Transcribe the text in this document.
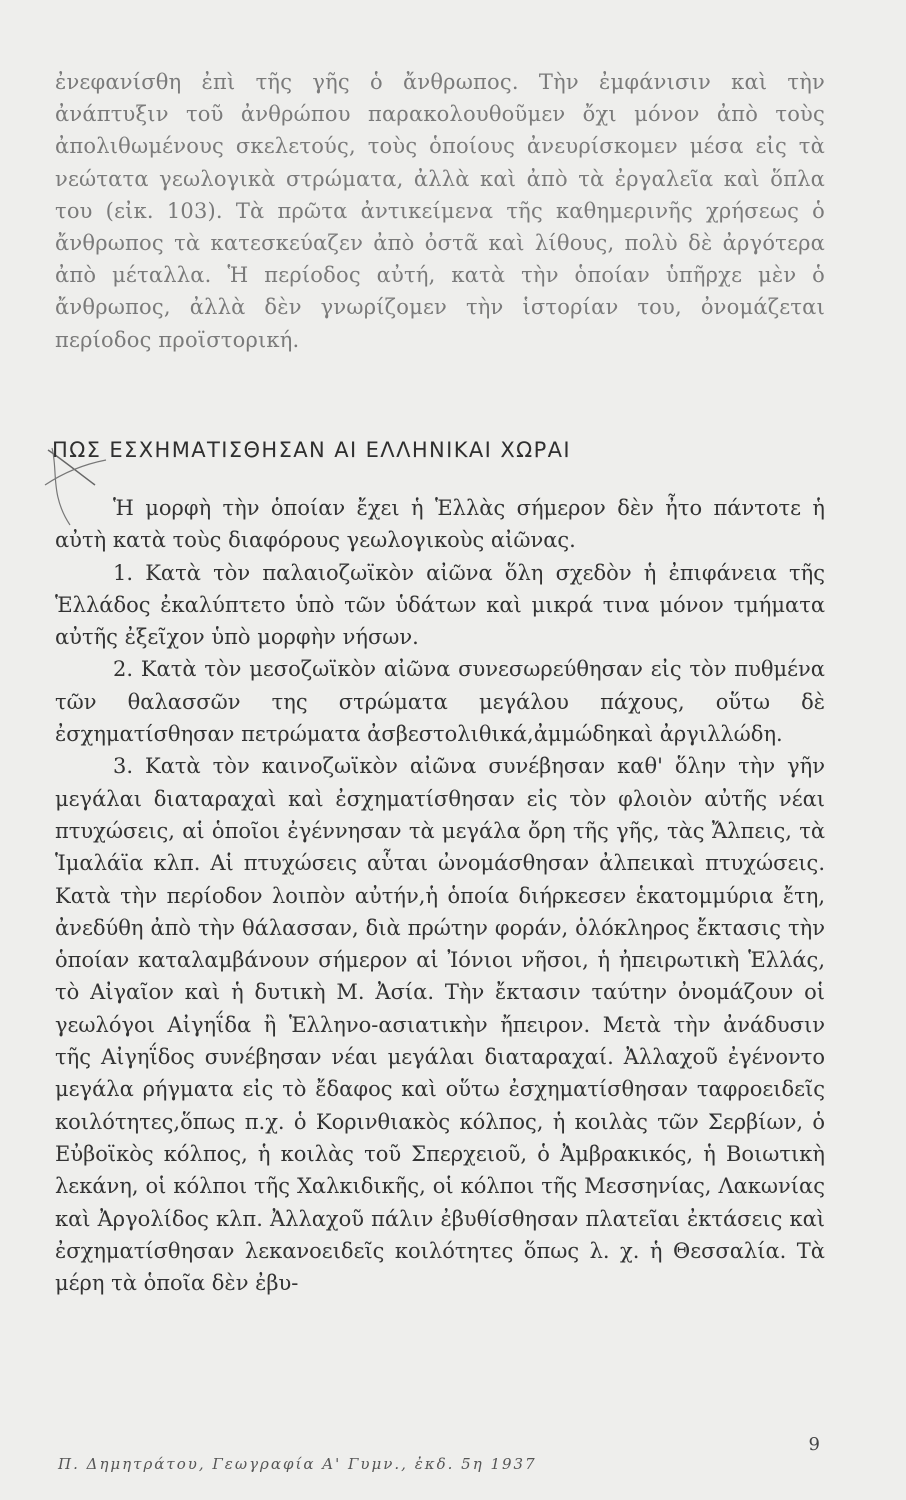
ἐνεφανίσθη ἐπὶ τῆς γῆς ὁ ἄνθρωπος. Τὴν ἐμφάνισιν καὶ τὴν ἀνάπτυξιν τοῦ ἀνθρώπου παρακολουθοῦμεν ὄχι μόνον ἀπὸ τοὺς ἀπολιθωμένους σκελετούς, τοὺς ὁποίους ἀνευρίσκομεν μέσα εἰς τὰ νεώτατα γεωλογικὰ στρώματα, ἀλλὰ καὶ ἀπὸ τὰ ἐργαλεῖα καὶ ὅπλα του (εἰκ. 103). Τὰ πρῶτα ἀντικείμενα τῆς καθημερινῆς χρήσεως ὁ ἄνθρωπος τὰ κατεσκεύαζεν ἀπὸ ὀστᾶ καὶ λίθους, πολὺ δὲ ἀργότερα ἀπὸ μέταλλα. Ἡ περίοδος αὐτή, κατὰ τὴν ὁποίαν ὑπῆρχε μὲν ὁ ἄνθρωπος, ἀλλὰ δὲν γνωρίζομεν τὴν ἱστορίαν του, ὀνομάζεται περίοδος προϊστορική.
ΠΩΣ ΕΣΧΗΜΑΤΙΣΘΗΣΑΝ ΑΙ ΕΛΛΗΝΙΚΑΙ ΧΩΡΑΙ

Ἡ μορφὴ τὴν ὁποίαν ἔχει ἡ Ἑλλὰς σήμερον δὲν ἦτο πάντοτε ἡ αὐτὴ κατὰ τοὺς διαφόρους γεωλογικοὺς αἰῶνας.

1. Κατὰ τὸν παλαιοζωϊκὸν αἰῶνα ὅλη σχεδὸν ἡ ἐπιφάνεια τῆς Ἑλλάδος ἐκαλύπτετο ὑπὸ τῶν ὑδάτων καὶ μικρά τινα μόνον τμήματα αὐτῆς ἐξεῖχον ὑπὸ μορφὴν νήσων.

2. Κατὰ τὸν μεσοζωϊκὸν αἰῶνα συνεσωρεύθησαν εἰς τὸν πυθμένα τῶν θαλασσῶν της στρώματα μεγάλου πάχους, οὕτω δὲ ἐσχηματίσθησαν πετρώματα ἀσβεστολιθικά,ἀμμώδηκαὶ ἀργιλλώδη.

3. Κατὰ τὸν καινοζωϊκὸν αἰῶνα συνέβησαν καθ' ὅλην τὴν γῆν μεγάλαι διαταραχαὶ καὶ ἐσχηματίσθησαν εἰς τὸν φλοιὸν αὐτῆς νέαι πτυχώσεις, αἱ ὁποῖοι ἐγέννησαν τὰ μεγάλα ὄρη τῆς γῆς, τὰς Ἄλπεις, τὰ Ἱμαλάϊα κλπ. Αἱ πτυχώσεις αὗται ὠνομάσθησαν ἀλπεικαὶ πτυχώσεις. Κατὰ τὴν περίοδον λοιπὸν αὐτήν,ἡ ὁποία διήρκεσεν ἑκατομμύρια ἔτη, ἀνεδύθη ἀπὸ τὴν θάλασσαν, διὰ πρώτην φοράν, ὁλόκληρος ἔκτασις τὴν ὁποίαν καταλαμβάνουν σήμερον αἱ Ἰόνιοι νῆσοι, ἡ ἠπειρωτικὴ Ἑλλάς, τὸ Αἰγαῖον καὶ ἡ δυτικὴ Μ. Ἀσία. Τὴν ἔκτασιν ταύτην ὀνομάζουν οἱ γεωλόγοι Αἰγηΐδα ἢ Ἑλληνο-ασιατικὴν ἤπειρον. Μετὰ τὴν ἀνάδυσιν τῆς Αἰγηΐδος συνέβησαν νέαι μεγάλαι διαταραχαί. Ἀλλαχοῦ ἐγένοντο μεγάλα ρήγματα εἰς τὸ ἔδαφος καὶ οὕτω ἐσχηματίσθησαν ταφροειδεῖς κοιλότητες,ὅπως π.χ. ὁ Κορινθιακὸς κόλπος, ἡ κοιλὰς τῶν Σερβίων, ὁ Εὐβοϊκὸς κόλπος, ἡ κοιλὰς τοῦ Σπερχειοῦ, ὁ Ἀμβρακικός, ἡ Βοιωτικὴ λεκάνη, οἱ κόλποι τῆς Χαλκιδικῆς, οἱ κόλποι τῆς Μεσσηνίας, Λακωνίας καὶ Ἀργολίδος κλπ. Ἀλλαχοῦ πάλιν ἐβυθίσθησαν πλατεῖαι ἐκτάσεις καὶ ἐσχηματίσθησαν λεκανοειδεῖς κοιλότητες ὅπως λ. χ. ἡ Θεσσαλία. Τὰ μέρη τὰ ὁποῖα δὲν ἐβυ-

Π. Δημητράτου, Γεωγραφία Α' Γυμν., ἐκδ. 5η 1937
9
